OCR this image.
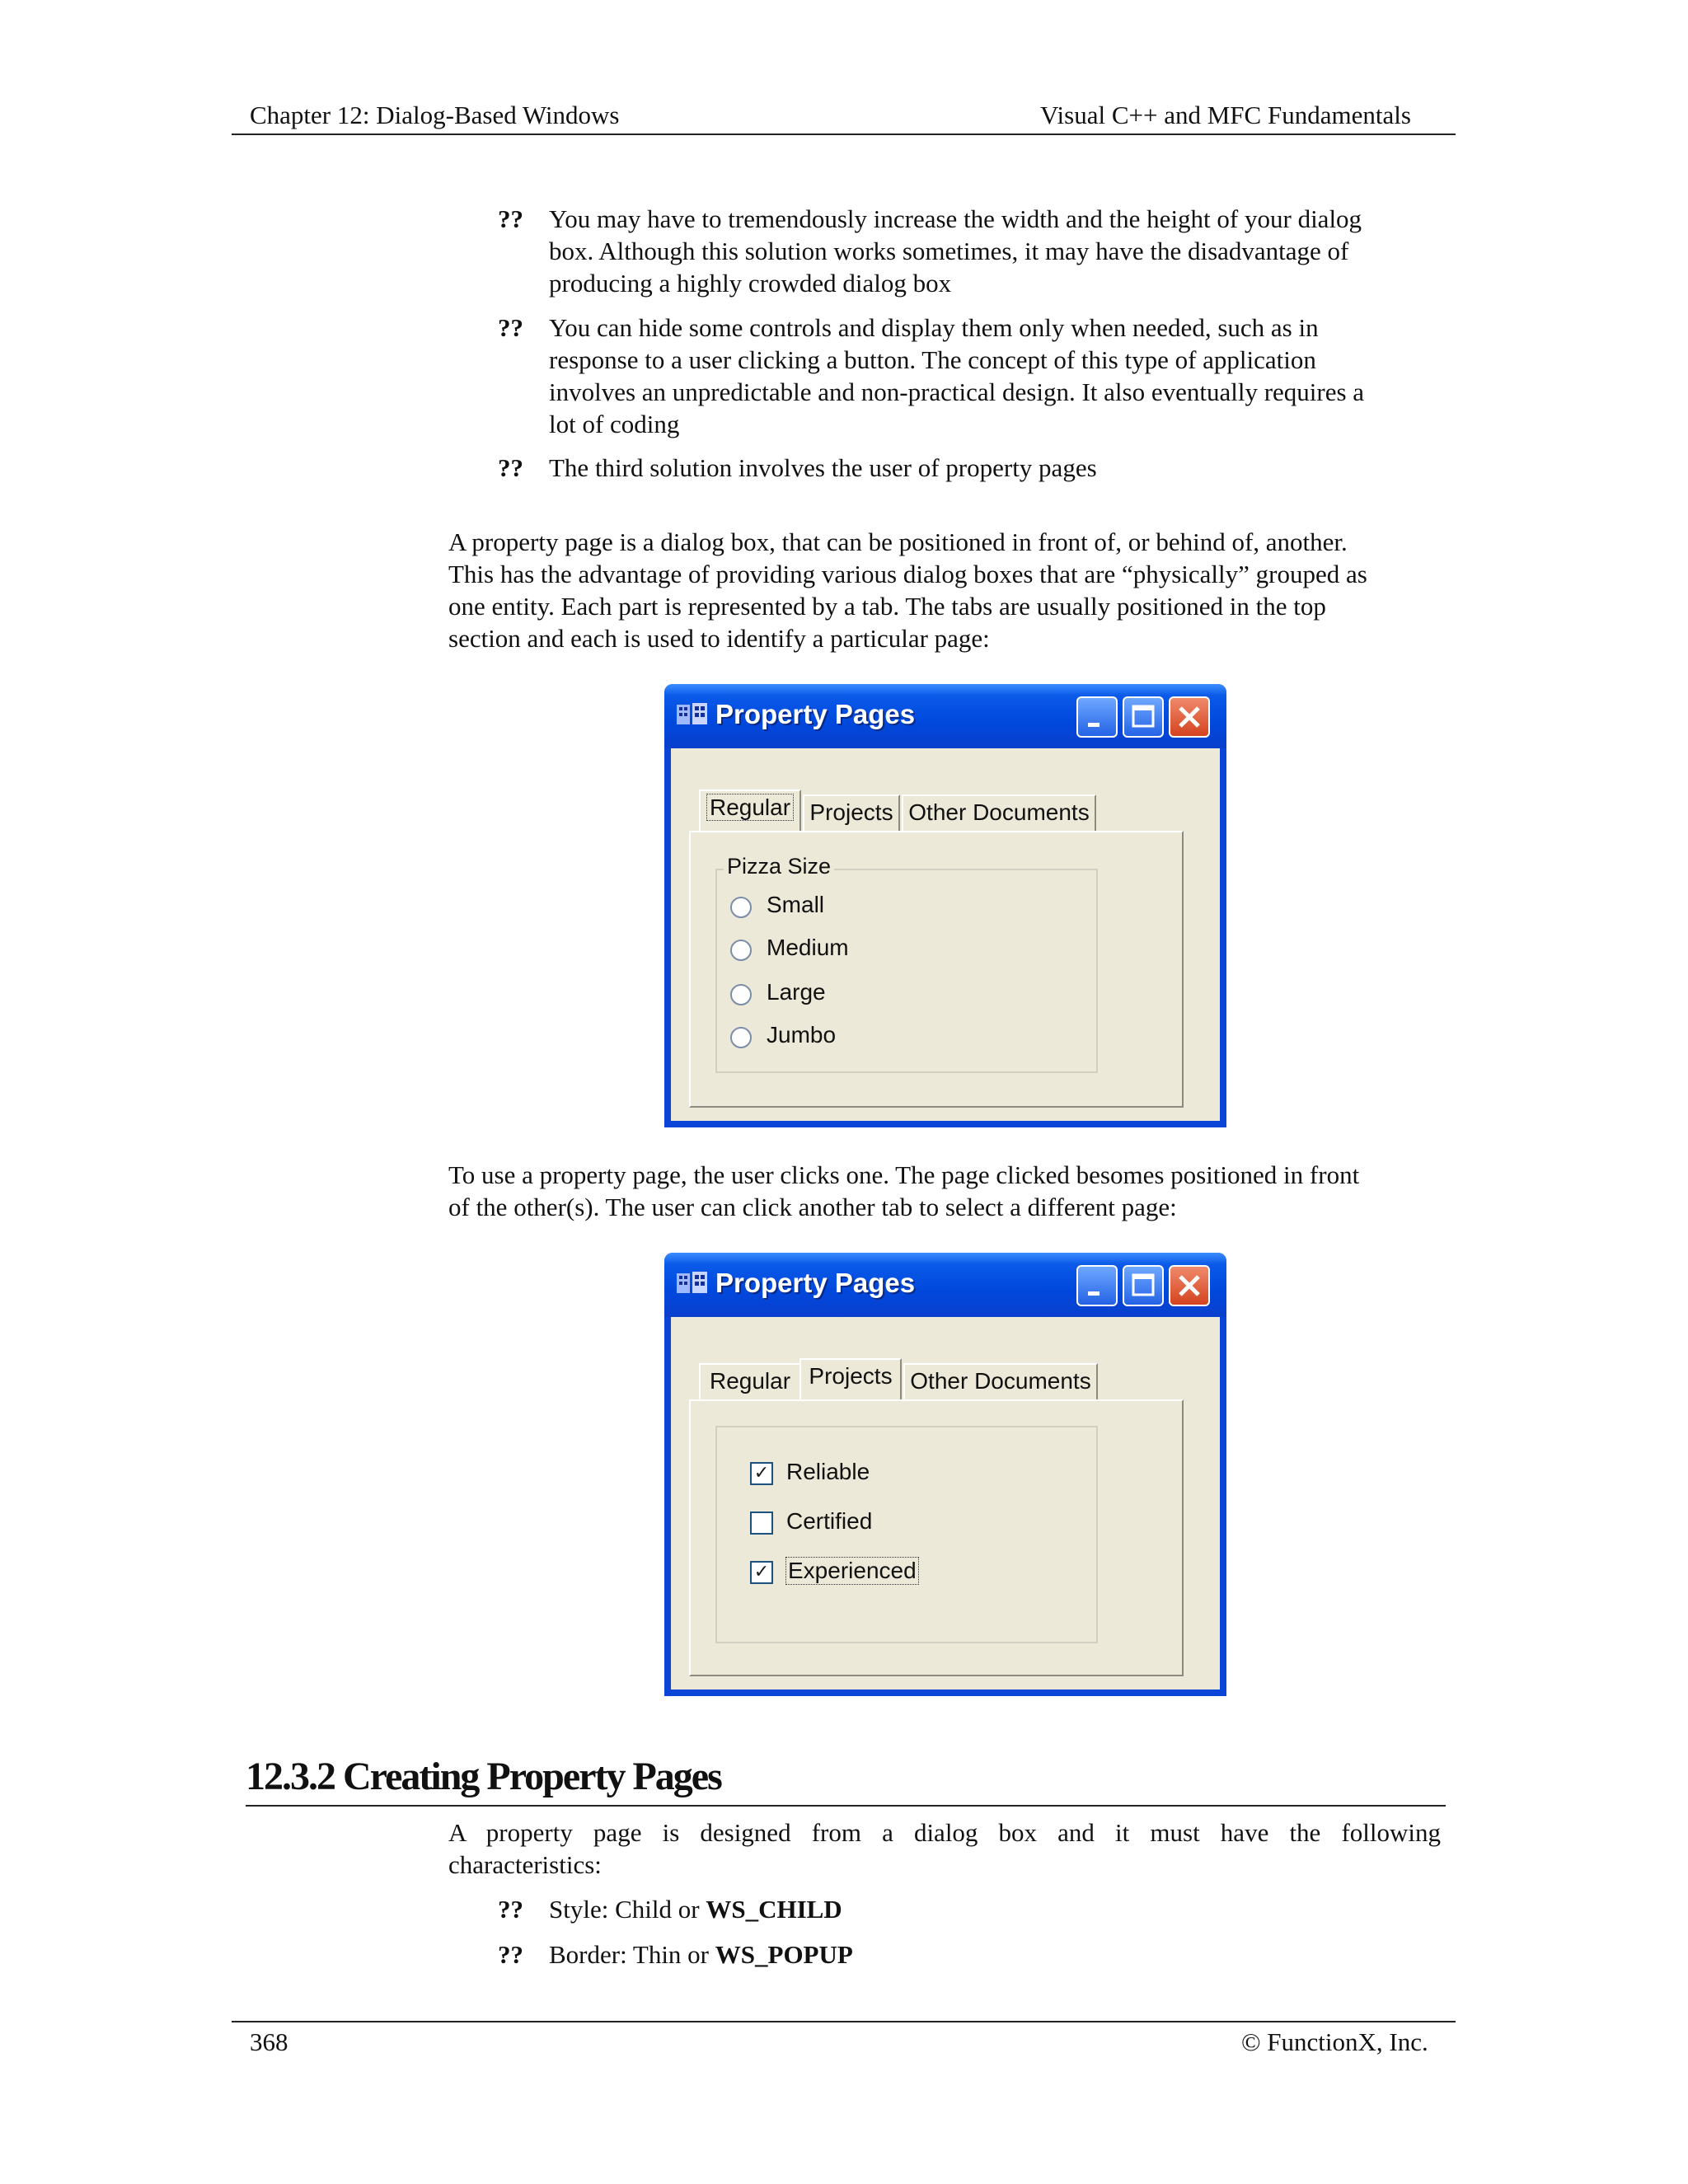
Chapter 12: Dialog-Based Windows	Visual C++ and MFC Fundamentals
??	You may have to tremendously increase the width and the height of your dialog
box. Although this solution works sometimes, it may have the disadvantage of
producing a highly crowded dialog box
??	You can hide some controls and display them only when needed, such as in
response to a user clicking a button. The concept of this type of application
involves an unpredictable and non-practical design. It also eventually requires a
lot of coding
??	The third solution involves the user of property pages
A property page is a dialog box, that can be positioned in front of, or behind of, another.
This has the advantage of providing various dialog boxes that are “physically” grouped as
one entity. Each part is represented by a tab. The tabs are usually positioned in the top
section and each is used to identify a particular page:
Property Pages
Regular Projects Other Documents
Pizza Size
Small
Medium
Large
Jumbo
To use a property page, the user clicks one. The page clicked besomes positioned in front
of the other(s). The user can click another tab to select a different page:
Property Pages
Regular Projects Other Documents
✓ Reliable
Certified
✓ Experienced
12.3.2 Creating Property Pages
A property page is designed from a dialog box and it must have the following
characteristics:
??	Style: Child or WS_CHILD
??	Border: Thin or WS_POPUP
368	© FunctionX, Inc.
